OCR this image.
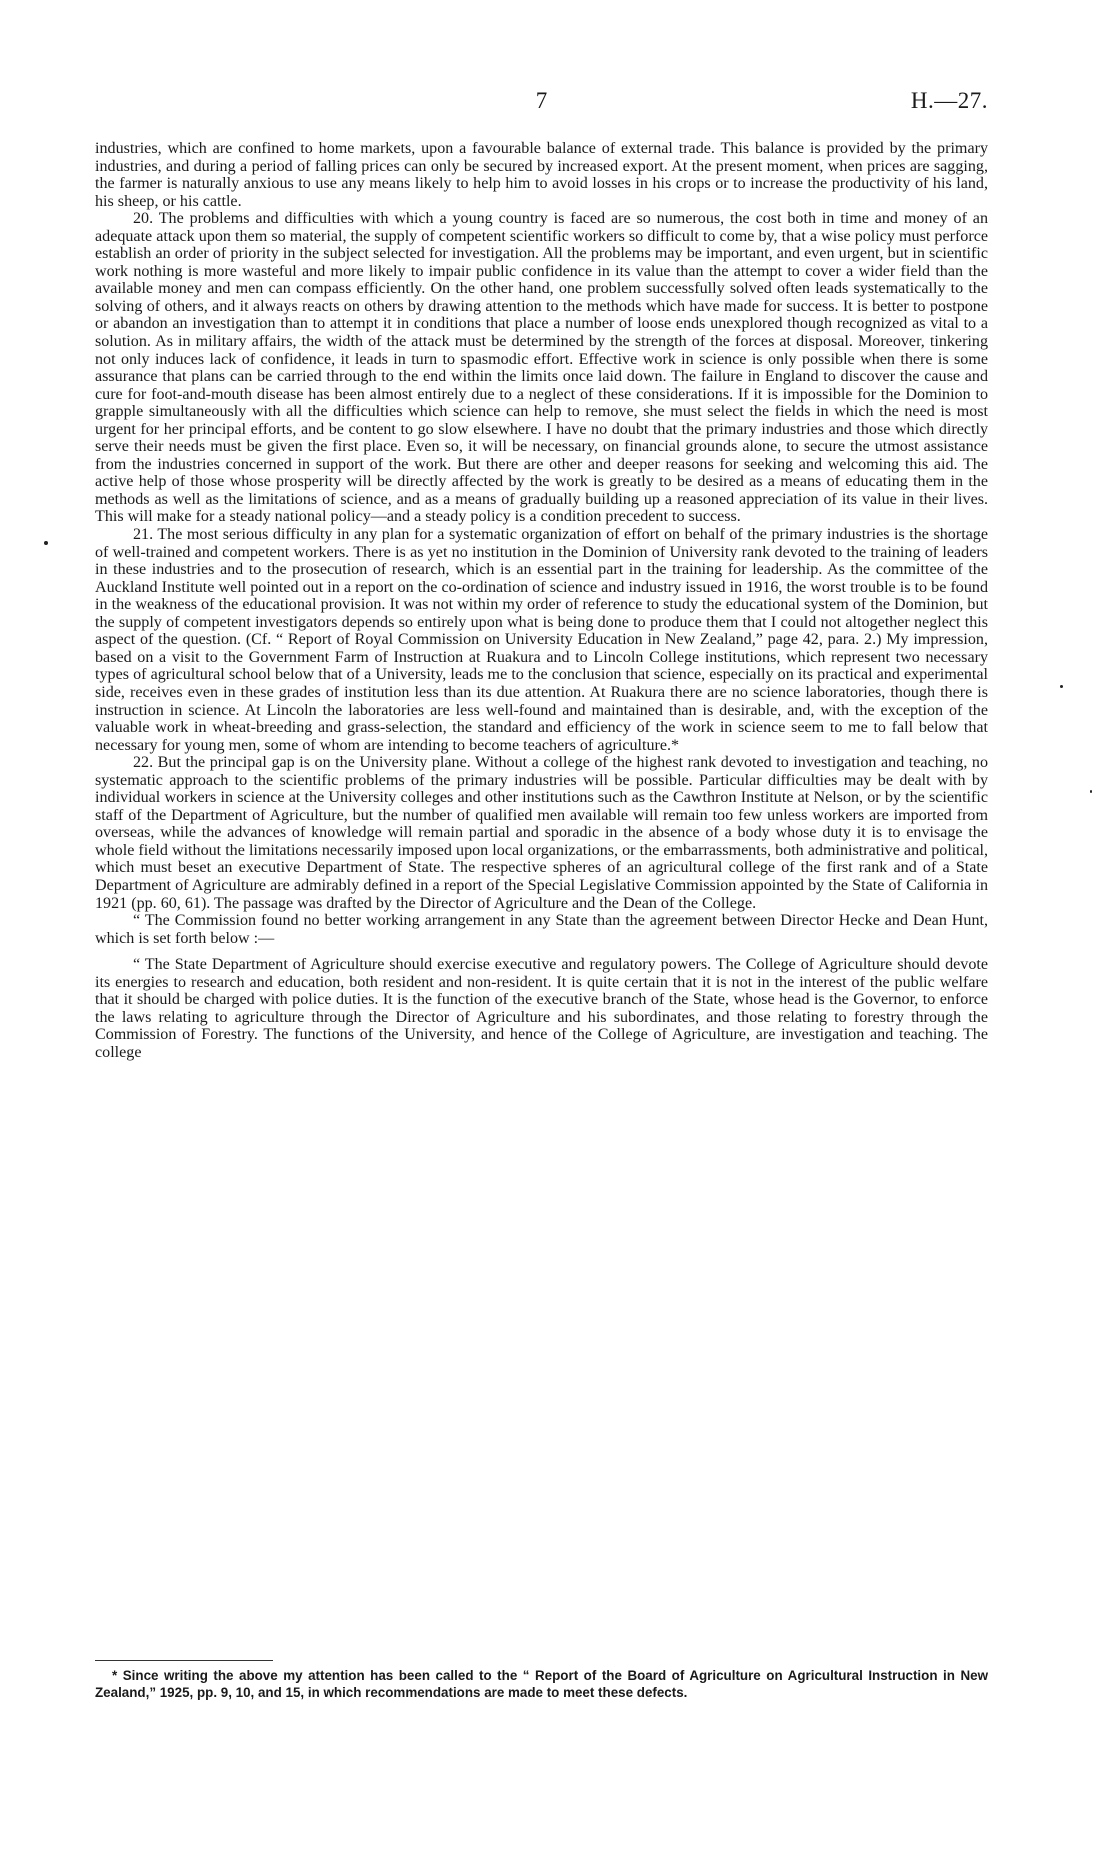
7	H.—27.

industries, which are confined to home markets, upon a favourable balance of external trade. This balance is provided by the primary industries, and during a period of falling prices can only be secured by increased export. At the present moment, when prices are sagging, the farmer is naturally anxious to use any means likely to help him to avoid losses in his crops or to increase the productivity of his land, his sheep, or his cattle.

20. The problems and difficulties with which a young country is faced are so numerous, the cost both in time and money of an adequate attack upon them so material, the supply of competent scientific workers so difficult to come by, that a wise policy must perforce establish an order of priority in the subject selected for investigation. All the problems may be important, and even urgent, but in scientific work nothing is more wasteful and more likely to impair public confidence in its value than the attempt to cover a wider field than the available money and men can compass efficiently. On the other hand, one problem successfully solved often leads systematically to the solving of others, and it always reacts on others by drawing attention to the methods which have made for success. It is better to postpone or abandon an investigation than to attempt it in conditions that place a number of loose ends unexplored though recognized as vital to a solution. As in military affairs, the width of the attack must be determined by the strength of the forces at disposal. Moreover, tinkering not only induces lack of confidence, it leads in turn to spasmodic effort. Effective work in science is only possible when there is some assurance that plans can be carried through to the end within the limits once laid down. The failure in England to discover the cause and cure for foot-and-mouth disease has been almost entirely due to a neglect of these considerations. If it is impossible for the Dominion to grapple simultaneously with all the difficulties which science can help to remove, she must select the fields in which the need is most urgent for her principal efforts, and be content to go slow elsewhere. I have no doubt that the primary industries and those which directly serve their needs must be given the first place. Even so, it will be necessary, on financial grounds alone, to secure the utmost assistance from the industries concerned in support of the work. But there are other and deeper reasons for seeking and welcoming this aid. The active help of those whose prosperity will be directly affected by the work is greatly to be desired as a means of educating them in the methods as well as the limitations of science, and as a means of gradually building up a reasoned appreciation of its value in their lives. This will make for a steady national policy—and a steady policy is a condition precedent to success.

21. The most serious difficulty in any plan for a systematic organization of effort on behalf of the primary industries is the shortage of well-trained and competent workers. There is as yet no institution in the Dominion of University rank devoted to the training of leaders in these industries and to the prosecution of research, which is an essential part in the training for leadership. As the committee of the Auckland Institute well pointed out in a report on the co-ordination of science and industry issued in 1916, the worst trouble is to be found in the weakness of the educational provision. It was not within my order of reference to study the educational system of the Dominion, but the supply of competent investigators depends so entirely upon what is being done to produce them that I could not altogether neglect this aspect of the question. (Cf. “ Report of Royal Commission on University Education in New Zealand,” page 42, para. 2.) My impression, based on a visit to the Government Farm of Instruction at Ruakura and to Lincoln College institutions, which represent two necessary types of agricultural school below that of a University, leads me to the conclusion that science, especially on its practical and experimental side, receives even in these grades of institution less than its due attention. At Ruakura there are no science laboratories, though there is instruction in science. At Lincoln the laboratories are less well-found and maintained than is desirable, and, with the exception of the valuable work in wheat-breeding and grass-selection, the standard and efficiency of the work in science seem to me to fall below that necessary for young men, some of whom are intending to become teachers of agriculture.*

22. But the principal gap is on the University plane. Without a college of the highest rank devoted to investigation and teaching, no systematic approach to the scientific problems of the primary industries will be possible. Particular difficulties may be dealt with by individual workers in science at the University colleges and other institutions such as the Cawthron Institute at Nelson, or by the scientific staff of the Department of Agriculture, but the number of qualified men available will remain too few unless workers are imported from overseas, while the advances of knowledge will remain partial and sporadic in the absence of a body whose duty it is to envisage the whole field without the limitations necessarily imposed upon local organizations, or the embarrassments, both administrative and political, which must beset an executive Department of State. The respective spheres of an agricultural college of the first rank and of a State Department of Agriculture are admirably defined in a report of the Special Legislative Commission appointed by the State of California in 1921 (pp. 60, 61). The passage was drafted by the Director of Agriculture and the Dean of the College.

“ The Commission found no better working arrangement in any State than the agreement between Director Hecke and Dean Hunt, which is set forth below :—

“ The State Department of Agriculture should exercise executive and regulatory powers. The College of Agriculture should devote its energies to research and education, both resident and non-resident. It is quite certain that it is not in the interest of the public welfare that it should be charged with police duties. It is the function of the executive branch of the State, whose head is the Governor, to enforce the laws relating to agriculture through the Director of Agriculture and his subordinates, and those relating to forestry through the Commission of Forestry. The functions of the University, and hence of the College of Agriculture, are investigation and teaching. The college

* Since writing the above my attention has been called to the “ Report of the Board of Agriculture on Agricultural Instruction in New Zealand,” 1925, pp. 9, 10, and 15, in which recommendations are made to meet these defects.
